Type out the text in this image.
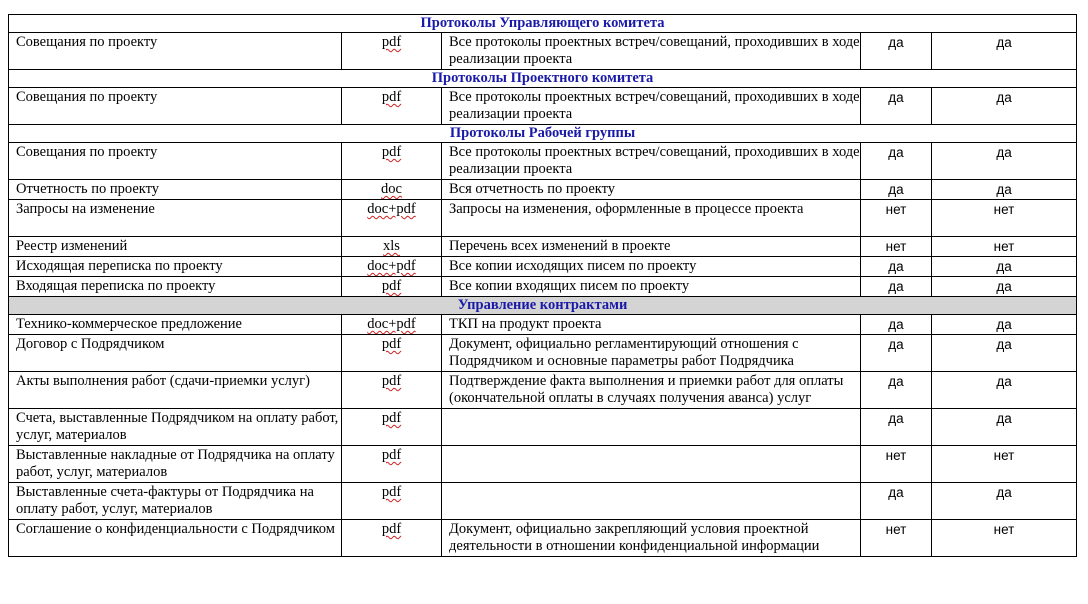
Протоколы Управляющего комитета				
Совещания по проекту	pdf	Все протоколы проектных встреч/совещаний, проходивших в ходе реализации проекта	да	да
Протоколы Проектного комитета				
Совещания по проекту	pdf	Все протоколы проектных встреч/совещаний, проходивших в ходе реализации проекта	да	да
Протоколы Рабочей группы				
Совещания по проекту	pdf	Все протоколы проектных встреч/совещаний, проходивших в ходе реализации проекта	да	да
Отчетность по проекту	doc	Вся отчетность по проекту	да	да
Запросы на изменение	doc+pdf	Запросы на изменения, оформленные в процессе проекта	нет	нет
Реестр изменений	xls	Перечень всех изменений в проекте	нет	нет
Исходящая переписка по проекту	doc+pdf	Все копии исходящих писем по проекту	да	да
Входящая переписка по проекту	pdf	Все копии входящих писем по проекту	да	да
Управление контрактами				
Технико-коммерческое предложение	doc+pdf	ТКП на продукт проекта	да	да
Договор с Подрядчиком	pdf	Документ, официально регламентирующий отношения с Подрядчиком и основные параметры работ Подрядчика	да	да
Акты выполнения работ (сдачи-приемки услуг)	pdf	Подтверждение факта выполнения и приемки работ для оплаты (окончательной оплаты в случаях получения аванса) услуг	да	да
Счета, выставленные Подрядчиком на оплату работ, услуг, материалов	pdf		да	да
Выставленные накладные от Подрядчика на оплату работ, услуг, материалов	pdf		нет	нет
Выставленные счета-фактуры от Подрядчика на оплату работ, услуг, материалов	pdf		да	да
Соглашение о конфиденциальности с Подрядчиком	pdf	Документ, официально закрепляющий условия проектной деятельности в отношении конфиденциальной информации	нет	нет
